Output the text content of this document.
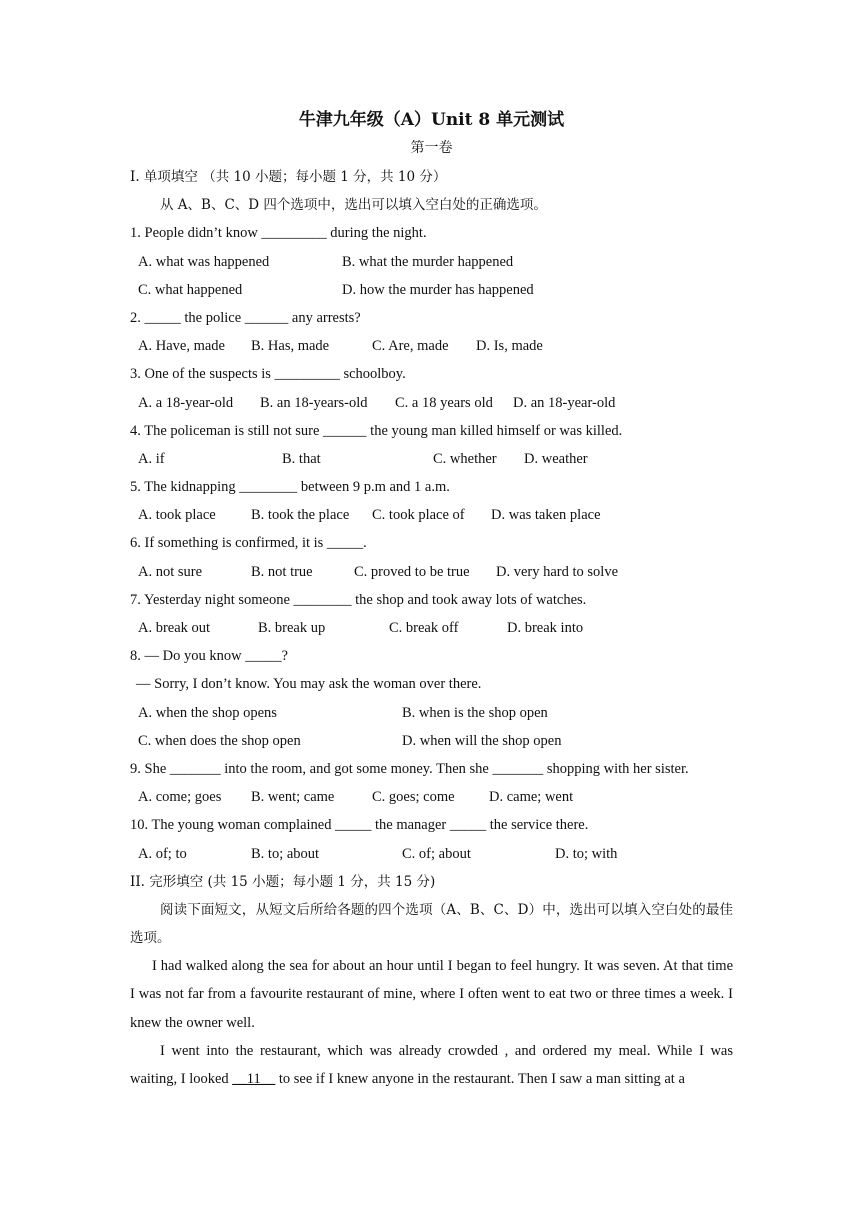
牛津九年级（A）Unit 8 单元测试
第一卷
I. 单项填空 （共 10 小题；每小题 1 分，共 10 分）
从 A、B、C、D 四个选项中，选出可以填入空白处的正确选项。
1. People didn’t know _________ during the night.
A. what was happened	B. what the murder happened
C. what happened	D. how the murder has happened
2. _____ the police ______ any arrests?
A. Have, made B. Has, made	C. Are, made D. Is, made
3. One of the suspects is _________ schoolboy.
A. a 18-year-old B. an 18-years-old C. a 18 years old D. an 18-year-old
4. The policeman is still not sure ______ the young man killed himself or was killed.
A. if	B. that	C. whether D. weather
5. The kidnapping ________ between 9 p.m and 1 a.m.
A. took place B. took the place C. took place of D. was taken place
6. If something is confirmed, it is _____.
A. not sure	B. not true	C. proved to be true D. very hard to solve
7. Yesterday night someone ________ the shop and took away lots of watches.
A. break out	B. break up	C. break off	D. break into
8. — Do you know _____?
— Sorry, I don’t know. You may ask the woman over there.
A. when the shop opens	B. when is the shop open
C. when does the shop open	D. when will the shop open
9. She _______ into the room, and got some money. Then she _______ shopping with her sister.
A. come; goes B. went; came	C. goes; come D. came; went
10. The young woman complained _____ the manager _____ the service there.
A. of; to	B. to; about	C. of; about	D. to; with
II. 完形填空 (共 15 小题；每小题 1 分，共 15 分)
阅读下面短文，从短文后所给各题的四个选项（A、B、C、D）中，选出可以填入空白处的最佳选项。
I had walked along the sea for about an hour until I began to feel hungry. It was seven. At that time I was not far from a favourite restaurant of mine, where I often went to eat two or three times a week. I knew the owner well.
I went into the restaurant, which was already crowded , and ordered my meal. While I was waiting, I looked __11__ to see if I knew anyone in the restaurant. Then I saw a man sitting at a
